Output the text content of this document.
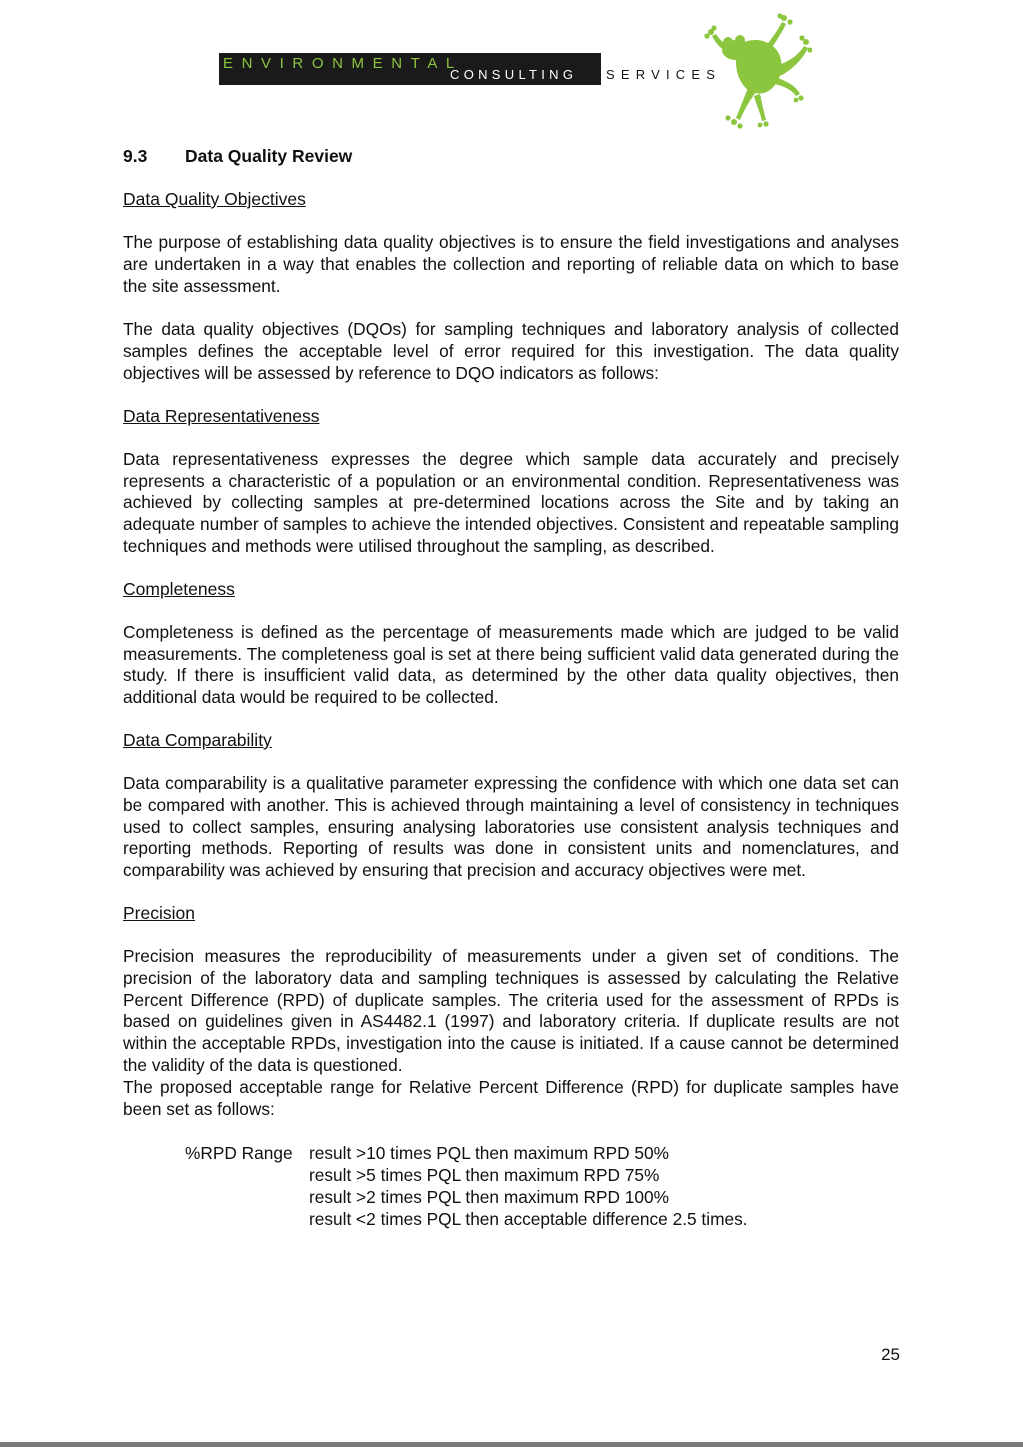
ENVIRONMENTAL
CONSULTING SERVICES
9.3 Data Quality Review
Data Quality Objectives

The purpose of establishing data quality objectives is to ensure the field investigations and analyses are undertaken in a way that enables the collection and reporting of reliable data on which to base the site assessment.

The data quality objectives (DQOs) for sampling techniques and laboratory analysis of collected samples defines the acceptable level of error required for this investigation. The data quality objectives will be assessed by reference to DQO indicators as follows:

Data Representativeness

Data representativeness expresses the degree which sample data accurately and precisely represents a characteristic of a population or an environmental condition. Representativeness was achieved by collecting samples at pre-determined locations across the Site and by taking an adequate number of samples to achieve the intended objectives. Consistent and repeatable sampling techniques and methods were utilised throughout the sampling, as described.

Completeness

Completeness is defined as the percentage of measurements made which are judged to be valid measurements. The completeness goal is set at there being sufficient valid data generated during the study. If there is insufficient valid data, as determined by the other data quality objectives, then additional data would be required to be collected.

Data Comparability

Data comparability is a qualitative parameter expressing the confidence with which one data set can be compared with another. This is achieved through maintaining a level of consistency in techniques used to collect samples, ensuring analysing laboratories use consistent analysis techniques and reporting methods. Reporting of results was done in consistent units and nomenclatures, and comparability was achieved by ensuring that precision and accuracy objectives were met.

Precision

Precision measures the reproducibility of measurements under a given set of conditions. The precision of the laboratory data and sampling techniques is assessed by calculating the Relative Percent Difference (RPD) of duplicate samples. The criteria used for the assessment of RPDs is based on guidelines given in AS4482.1 (1997) and laboratory criteria. If duplicate results are not within the acceptable RPDs, investigation into the cause is initiated. If a cause cannot be determined the validity of the data is questioned.

The proposed acceptable range for Relative Percent Difference (RPD) for duplicate samples have been set as follows:

%RPD Range result >10 times PQL then maximum RPD 50%
result >5 times PQL then maximum RPD 75%
result >2 times PQL then maximum RPD 100%
result <2 times PQL then acceptable difference 2.5 times.
25
